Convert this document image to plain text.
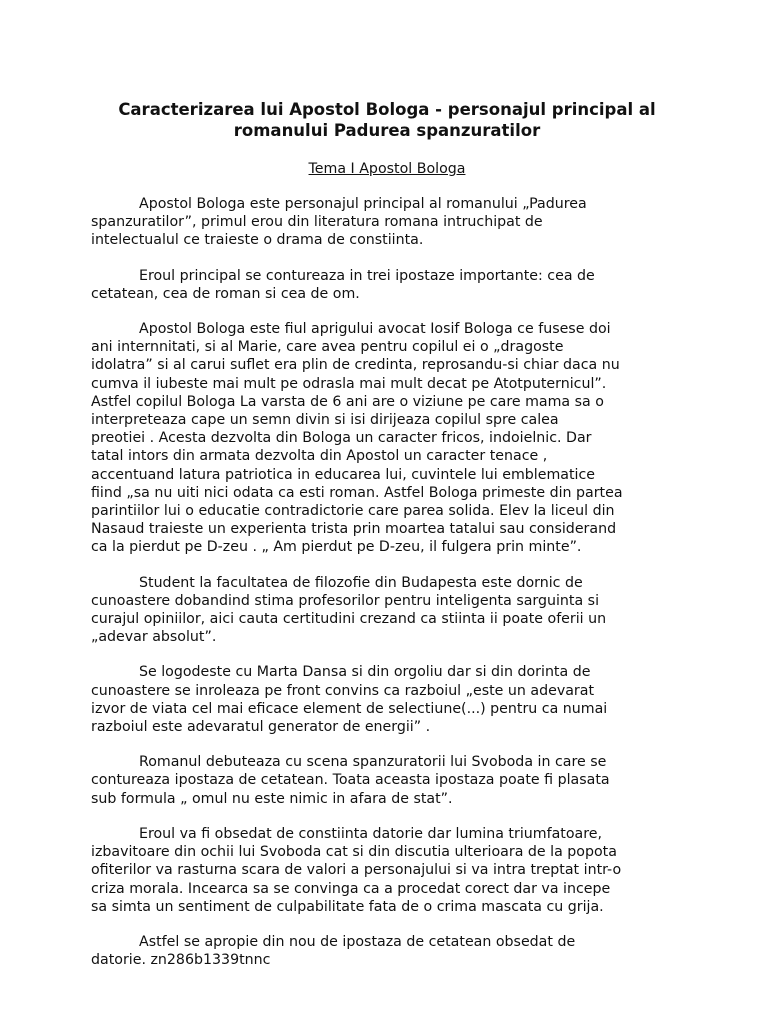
Caracterizarea lui Apostol Bologa - personajul principal al
romanului Padurea spanzuratilor

Tema I Apostol Bologa

Apostol Bologa este personajul principal al romanului „Padurea
spanzuratilor”, primul erou din literatura romana intruchipat de
intelectualul ce traieste o drama de constiinta.

Eroul principal se contureaza in trei ipostaze importante: cea de
cetatean, cea de roman si cea de om.

Apostol Bologa este fiul aprigului avocat Iosif Bologa ce fusese doi
ani internnitati, si al Marie, care avea pentru copilul ei o „dragoste
idolatra” si al carui suflet era plin de credinta, reprosandu-si chiar daca nu
cumva il iubeste mai mult pe odrasla mai mult decat pe Atotputernicul”.
Astfel copilul Bologa La varsta de 6 ani are o viziune pe care mama sa o
interpreteaza cape un semn divin si isi dirijeaza copilul spre calea
preotiei . Acesta dezvolta din Bologa un caracter fricos, indoielnic. Dar
tatal intors din armata dezvolta din Apostol un caracter tenace ,
accentuand latura patriotica in educarea lui, cuvintele lui emblematice
fiind „sa nu uiti nici odata ca esti roman. Astfel Bologa primeste din partea
parintiilor lui o educatie contradictorie care parea solida. Elev la liceul din
Nasaud traieste un experienta trista prin moartea tatalui sau considerand
ca la pierdut pe D-zeu . „ Am pierdut pe D-zeu, il fulgera prin minte”.

Student la facultatea de filozofie din Budapesta este dornic de
cunoastere dobandind stima profesorilor pentru inteligenta sarguinta si
curajul opiniilor, aici cauta certitudini crezand ca stiinta ii poate oferii un
„adevar absolut”.

Se logodeste cu Marta Dansa si din orgoliu dar si din dorinta de
cunoastere se inroleaza pe front convins ca razboiul „este un adevarat
izvor de viata cel mai eficace element de selectiune(...) pentru ca numai
razboiul este adevaratul generator de energii” .

Romanul debuteaza cu scena spanzuratorii lui Svoboda in care se
contureaza ipostaza de cetatean. Toata aceasta ipostaza poate fi plasata
sub formula „ omul nu este nimic in afara de stat”.

Eroul va fi obsedat de constiinta datorie dar lumina triumfatoare,
izbavitoare din ochii lui Svoboda cat si din discutia ulterioara de la popota
ofiterilor va rasturna scara de valori a personajului si va intra treptat intr-o
criza morala. Incearca sa se convinga ca a procedat corect dar va incepe
sa simta un sentiment de culpabilitate fata de o crima mascata cu grija.

Astfel se apropie din nou de ipostaza de cetatean obsedat de
datorie. zn286b1339tnnc
